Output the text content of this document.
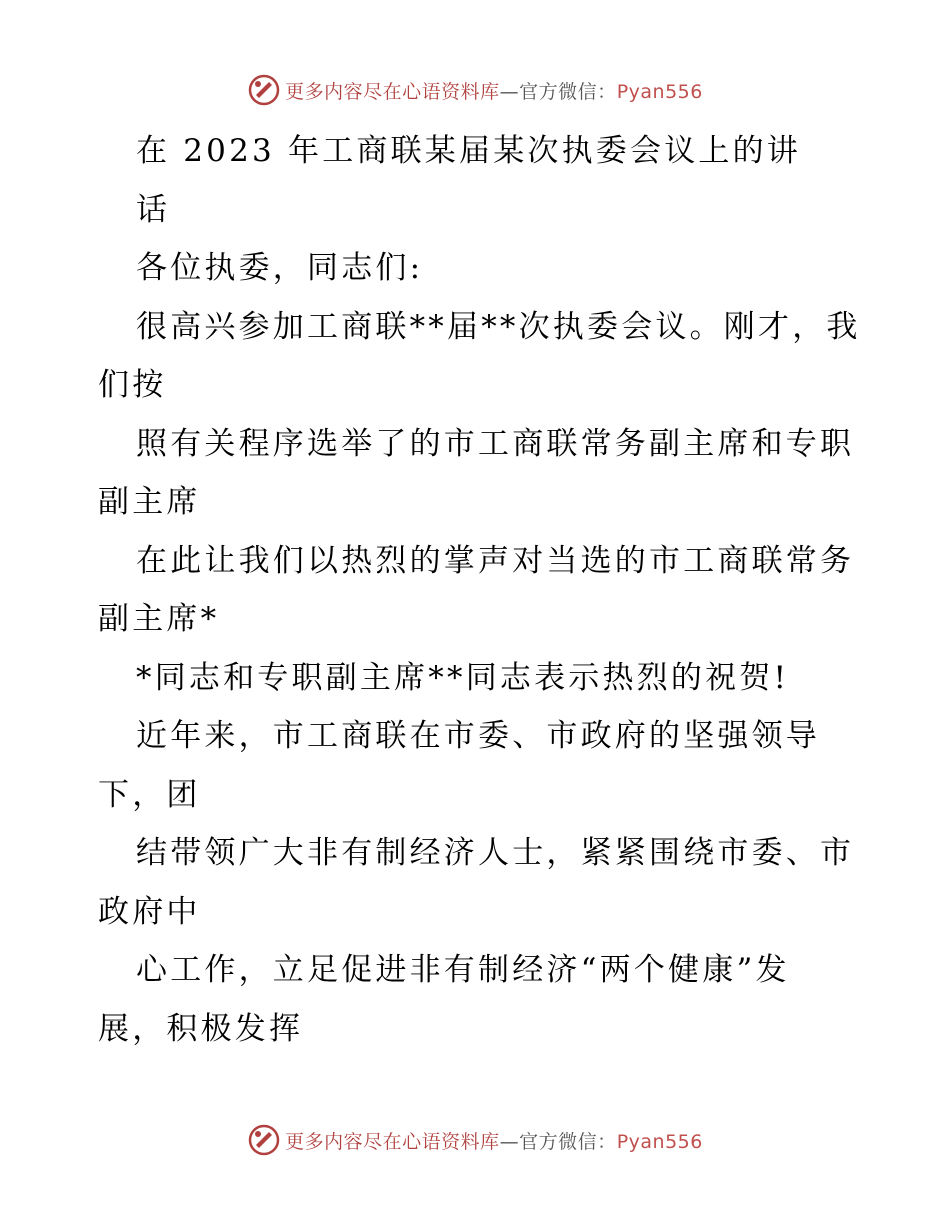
更多内容尽在心语资料库—官方微信：Pyan556
在 2023 年工商联某届某次执委会议上的讲
话
各位执委，同志们:
很高兴参加工商联**届**次执委会议。刚才，我
们按
照有关程序选举了的市工商联常务副主席和专职
副主席
在此让我们以热烈的掌声对当选的市工商联常务
副主席*
*同志和专职副主席**同志表示热烈的祝贺!
近年来，市工商联在市委、市政府的坚强领导
下，团
结带领广大非有制经济人士，紧紧围绕市委、市
政府中
心工作，立足促进非有制经济“两个健康”发
展，积极发挥
更多内容尽在心语资料库—官方微信：Pyan556
